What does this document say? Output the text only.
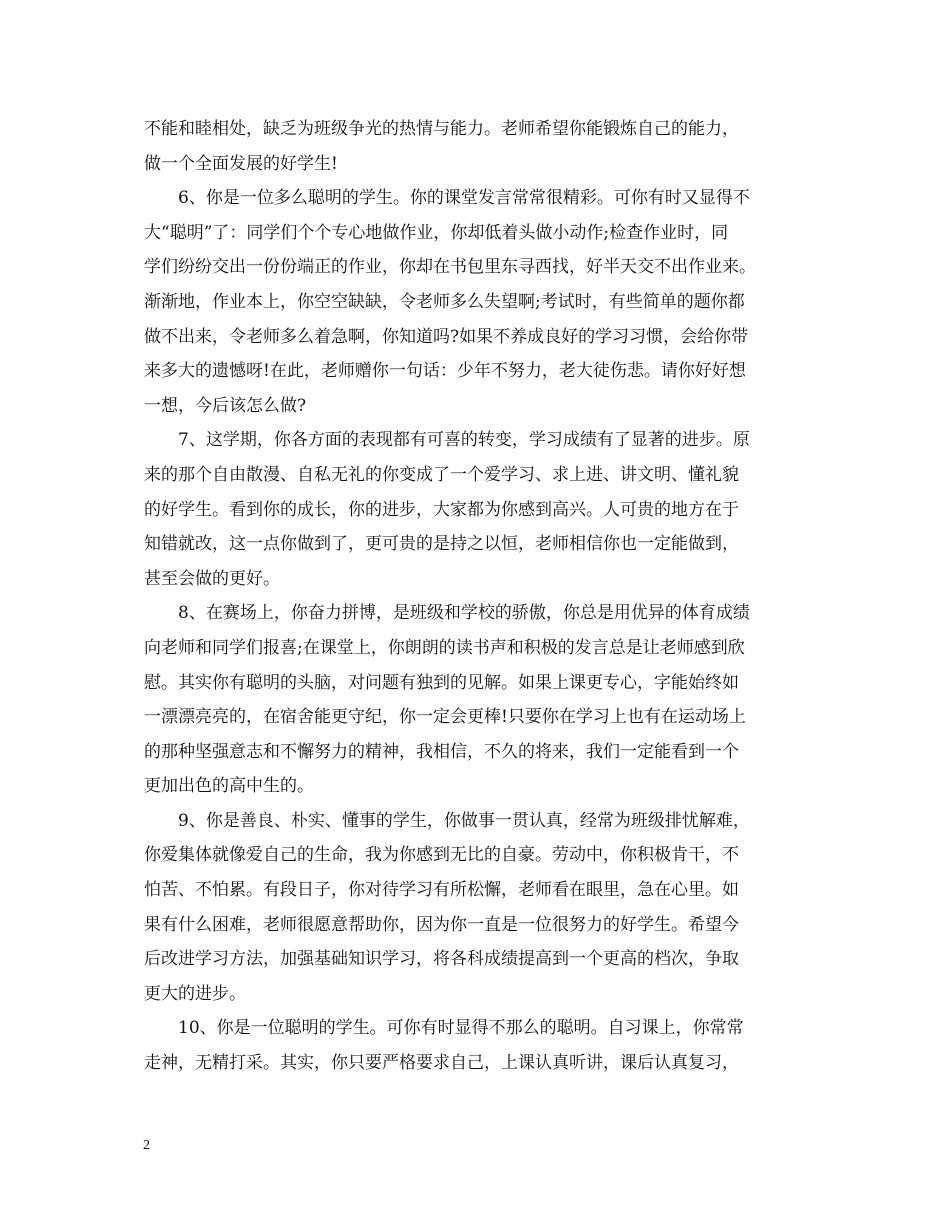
不能和睦相处，缺乏为班级争光的热情与能力。老师希望你能锻炼自己的能力，
做一个全面发展的好学生!
6、你是一位多么聪明的学生。你的课堂发言常常很精彩。可你有时又显得不
大“聪明”了：同学们个个专心地做作业，你却低着头做小动作;检查作业时，同
学们纷纷交出一份份端正的作业，你却在书包里东寻西找，好半天交不出作业来。
渐渐地，作业本上，你空空缺缺，令老师多么失望啊;考试时，有些简单的题你都
做不出来，令老师多么着急啊，你知道吗?如果不养成良好的学习习惯，会给你带
来多大的遗憾呀!在此，老师赠你一句话：少年不努力，老大徒伤悲。请你好好想
一想，今后该怎么做?
7、这学期，你各方面的表现都有可喜的转变，学习成绩有了显著的进步。原
来的那个自由散漫、自私无礼的你变成了一个爱学习、求上进、讲文明、懂礼貌
的好学生。看到你的成长，你的进步，大家都为你感到高兴。人可贵的地方在于
知错就改，这一点你做到了，更可贵的是持之以恒，老师相信你也一定能做到，
甚至会做的更好。
8、在赛场上，你奋力拼博，是班级和学校的骄傲，你总是用优异的体育成绩
向老师和同学们报喜;在课堂上，你朗朗的读书声和积极的发言总是让老师感到欣
慰。其实你有聪明的头脑，对问题有独到的见解。如果上课更专心，字能始终如
一漂漂亮亮的，在宿舍能更守纪，你一定会更棒!只要你在学习上也有在运动场上
的那种坚强意志和不懈努力的精神，我相信，不久的将来，我们一定能看到一个
更加出色的高中生的。
9、你是善良、朴实、懂事的学生，你做事一贯认真，经常为班级排忧解难，
你爱集体就像爱自己的生命，我为你感到无比的自豪。劳动中，你积极肯干，不
怕苦、不怕累。有段日子，你对待学习有所松懈，老师看在眼里，急在心里。如
果有什么困难，老师很愿意帮助你，因为你一直是一位很努力的好学生。希望今
后改进学习方法，加强基础知识学习，将各科成绩提高到一个更高的档次，争取
更大的进步。
10、你是一位聪明的学生。可你有时显得不那么的聪明。自习课上，你常常
走神，无精打采。其实，你只要严格要求自己，上课认真听讲，课后认真复习，
2
